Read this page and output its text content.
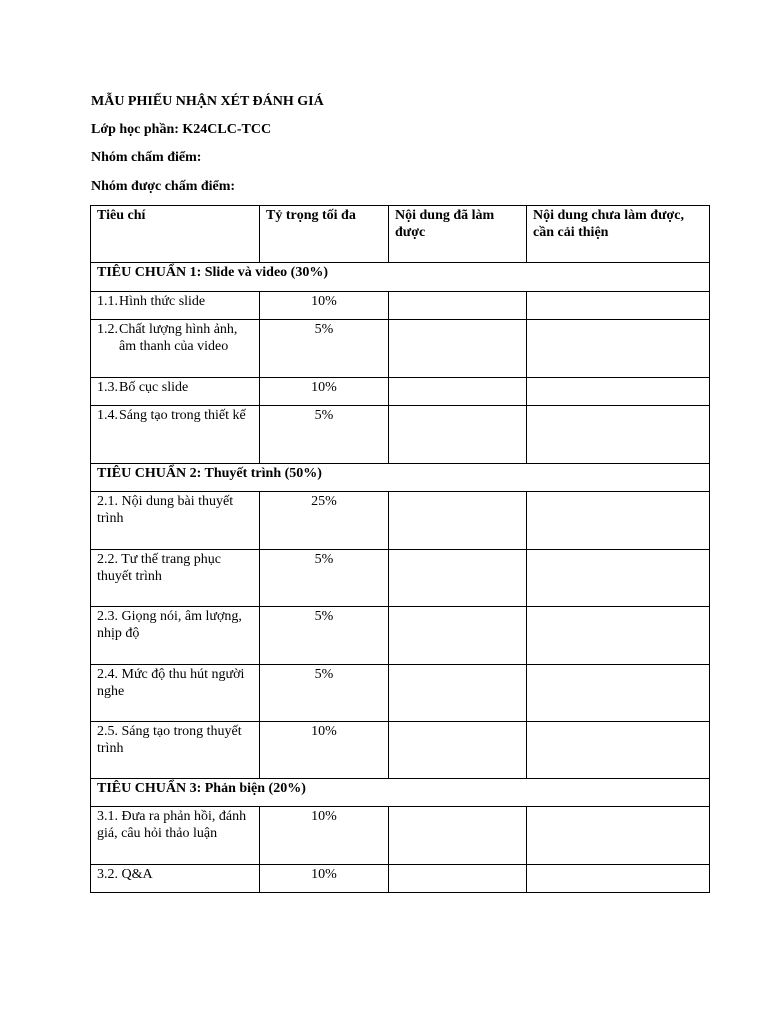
MẪU PHIẾU NHẬN XÉT ĐÁNH GIÁ
Lớp học phần: K24CLC-TCC
Nhóm chấm điểm:
Nhóm được chấm điểm:
Tiêu chí	Tỷ trọng tối đa	Nội dung đã làm được	Nội dung chưa làm được, cần cải thiện
TIÊU CHUẨN 1: Slide và video (30%)			

1.1. Hình thức slide	10%		

1.2. Chất lượng hình ảnh, âm thanh của video	5%		

1.3. Bố cục slide	10%		

1.4. Sáng tạo trong thiết kế	5%		
TIÊU CHUẨN 2: Thuyết trình (50%)			
2.1. Nội dung bài thuyết trình	25%		
2.2. Tư thế trang phục thuyết trình	5%		
2.3. Giọng nói, âm lượng, nhịp độ	5%		
2.4. Mức độ thu hút người nghe	5%		
2.5. Sáng tạo trong thuyết trình	10%		
TIÊU CHUẨN 3: Phản biện (20%)			
3.1. Đưa ra phản hồi, đánh giá, câu hỏi thảo luận	10%		
3.2. Q&A	10%		
